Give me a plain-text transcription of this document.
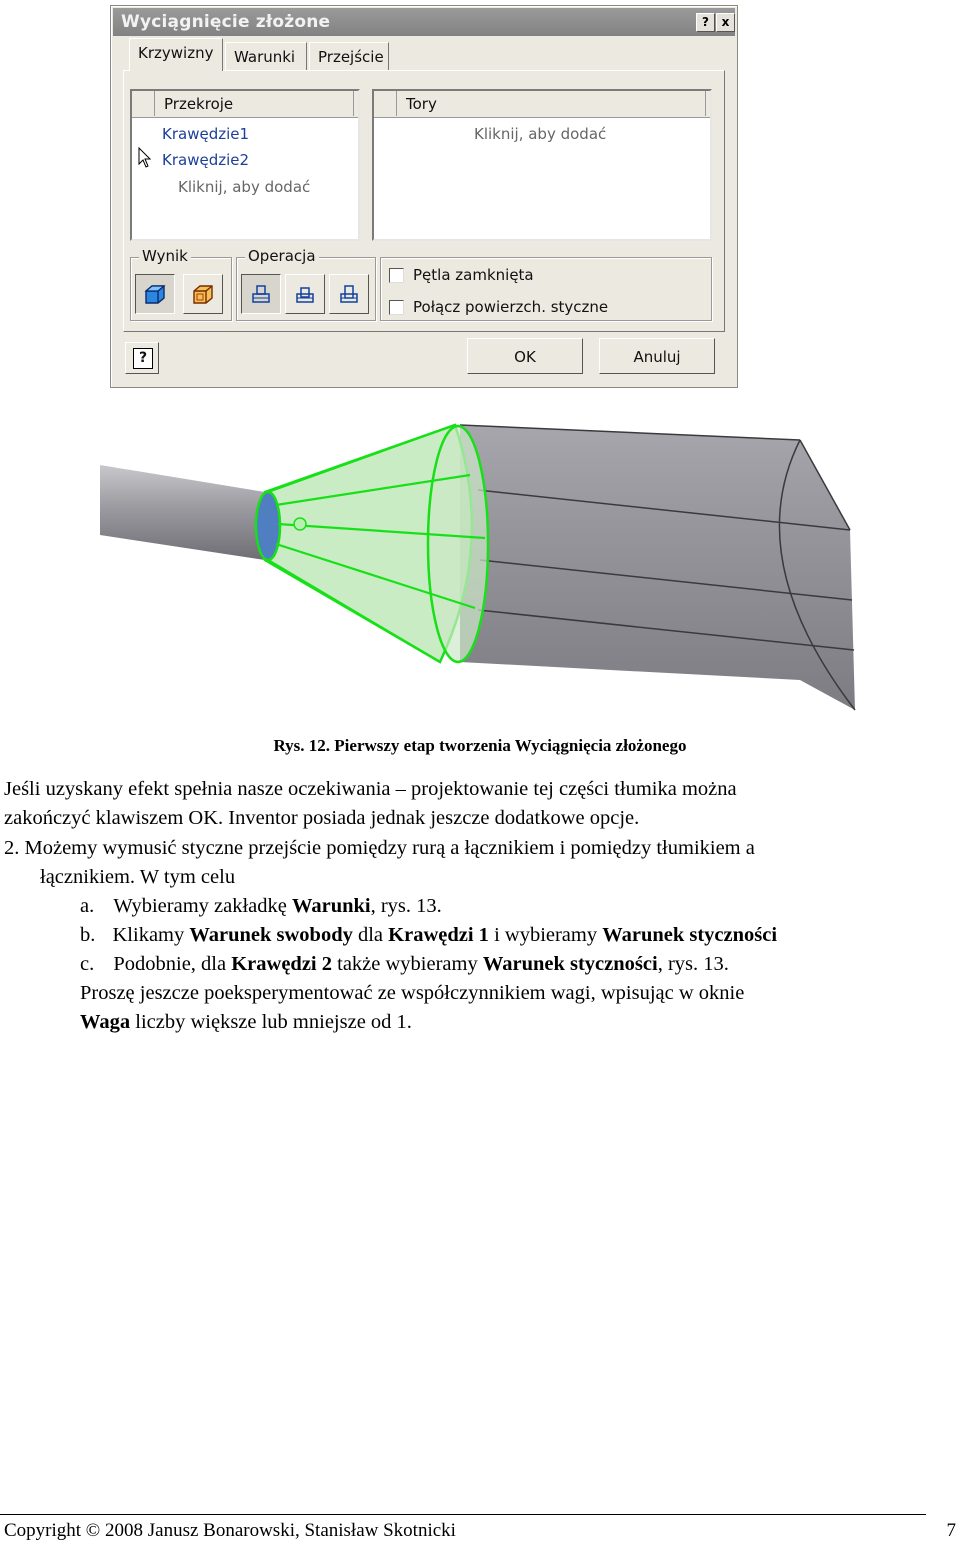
Wyciągnięcie złożone	?	x
Krzywizny	Warunki	Przejście
Przekroje
Krawędzie1
Krawędzie2
Kliknij, aby dodać
Tory
Kliknij, aby dodać
Wynik	Operacja
Pętla zamknięta
Połącz powierzch. styczne
?	OK	Anuluj
Rys. 12. Pierwszy etap tworzenia Wyciągnięcia złożonego
Jeśli uzyskany efekt spełnia nasze oczekiwania – projektowanie tej części tłumika można
zakończyć klawiszem OK. Inventor posiada jednak jeszcze dodatkowe opcje.
2. Możemy wymusić styczne przejście pomiędzy rurą a łącznikiem i pomiędzy tłumikiem a
łącznikiem. W tym celu
a. Wybieramy zakładkę Warunki, rys. 13.
b. Klikamy Warunek swobody dla Krawędzi 1 i wybieramy Warunek styczności
c. Podobnie, dla Krawędzi 2 także wybieramy Warunek styczności, rys. 13.
Proszę jeszcze poeksperymentować ze współczynnikiem wagi, wpisując w oknie
Waga liczby większe lub mniejsze od 1.
Copyright © 2008 Janusz Bonarowski, Stanisław Skotnicki	7
